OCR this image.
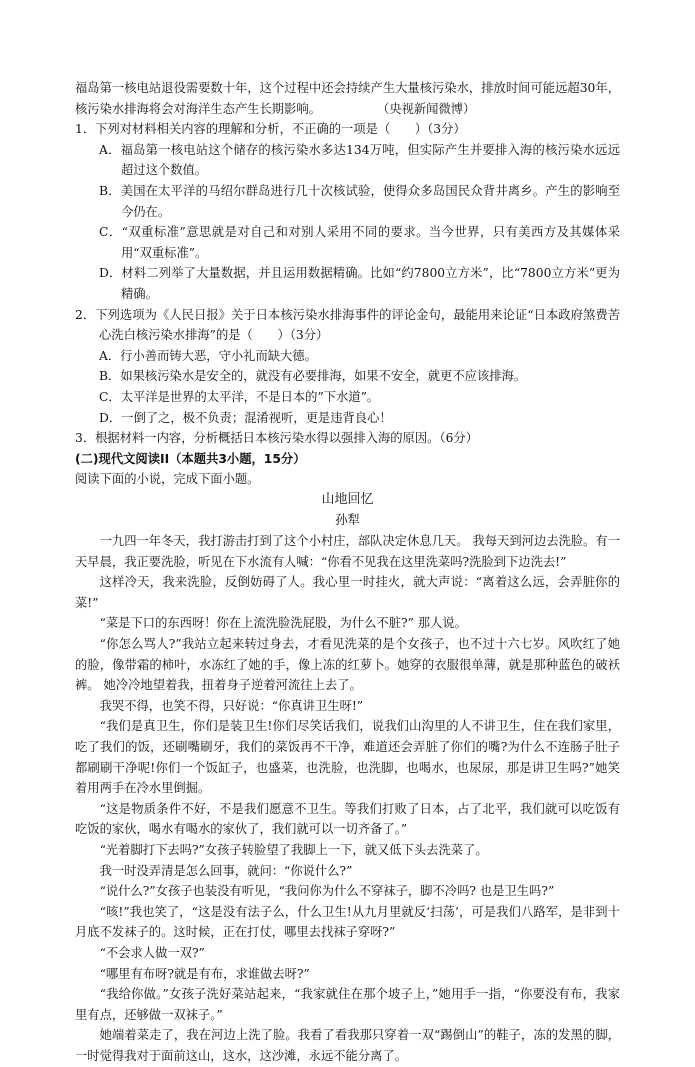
福岛第一核电站退役需要数十年，这个过程中还会持续产生大量核污染水，排放时间可能远超30年，核污染水排海将会对海洋生态产生长期影响。	（央视新闻微博）

1．下列对材料相关内容的理解和分析，不正确的一项是（　　）（3分）

A．福岛第一核电站这个储存的核污染水多达134万吨，但实际产生并要排入海的核污染水远远超过这个数值。

B．美国在太平洋的马绍尔群岛进行几十次核试验，使得众多岛国民众背井离乡。产生的影响至今仍在。

C．“双重标准”意思就是对自己和对别人采用不同的要求。当今世界，只有美西方及其媒体采用“双重标准”。

D．材料二列举了大量数据，并且运用数据精确。比如“约7800立方米”，比“7800立方米”更为精确。

2．下列选项为《人民日报》关于日本核污染水排海事件的评论金句，最能用来论证“日本政府煞费苦心洗白核污染水排海”的是（　　）（3分）

A．行小善而铸大恶，守小礼而缺大德。

B．如果核污染水是安全的，就没有必要排海，如果不安全，就更不应该排海。

C．太平洋是世界的太平洋，不是日本的”下水道”。

D．一倒了之，极不负责；混淆视听，更是违背良心！

3．根据材料一内容，分析概括日本核污染水得以强排入海的原因。（6分）

(二)现代文阅读II（本题共3小题，15分）

阅读下面的小说，完成下面小题。

山地回忆

孙犁

一九四一年冬天，我打游击打到了这个小村庄，部队决定休息几天。 我每天到河边去洗脸。有一天早晨，我正要洗脸，听见在下水流有人喊：“你看不见我在这里洗菜吗?洗脸到下边洗去!”

这样冷天，我来洗脸，反倒妨碍了人。我心里一时挂火，就大声说：“离着这么远，会弄脏你的菜!”

“菜是下口的东西呀！你在上流洗脸洗屁股，为什么不脏?” 那人说。

“你怎么骂人?”我站立起来转过身去，才看见洗菜的是个女孩子，也不过十六七岁。风吹红了她的脸，像带霜的柿叶，水冻红了她的手，像上冻的红萝卜。她穿的衣服很单薄，就是那种蓝色的破袄裤。 她冷冷地望着我，扭着身子逆着河流往上去了。

我哭不得，也笑不得，只好说：“你真讲卫生呀!”

“我们是真卫生，你们是装卫生!你们尽笑话我们，说我们山沟里的人不讲卫生，住在我们家里，吃了我们的饭，还刷嘴刷牙，我们的菜饭再不干净，难道还会弄脏了你们的嘴?为什么不连肠子肚子都刷刷干净呢!你们一个饭缸子，也盛菜，也洗脸，也洗脚，也喝水，也尿尿，那是讲卫生吗?”她笑着用两手在冷水里倒掘。

“这是物质条件不好，不是我们愿意不卫生。等我们打败了日本，占了北平，我们就可以吃饭有吃饭的家伙，喝水有喝水的家伙了，我们就可以一切齐备了。”

“光着脚打下去吗?”女孩子转脸望了我脚上一下，就又低下头去洗菜了。

我一时没弄清是怎么回事，就问：“你说什么?”

“说什么?”女孩子也装没有听见，“我问你为什么不穿袜子，脚不冷吗? 也是卫生吗?”

“咳!”我也笑了，“这是没有法子么，什么卫生!从九月里就反‘扫荡’，可是我们八路军，是非到十月底不发袜子的。这时候，正在打仗，哪里去找袜子穿呀?”

“不会求人做一双?”

“哪里有布呀?就是有布，求谁做去呀?”

“我给你做。”女孩子洗好菜站起来，“我家就住在那个坡子上，”她用手一指，“你要没有布，我家里有点，还够做一双袜子。”

她端着菜走了，我在河边上洗了脸。我看了看我那只穿着一双“踢倒山”的鞋子，冻的发黑的脚，一时觉得我对于面前这山，这水，这沙滩，永远不能分离了。
